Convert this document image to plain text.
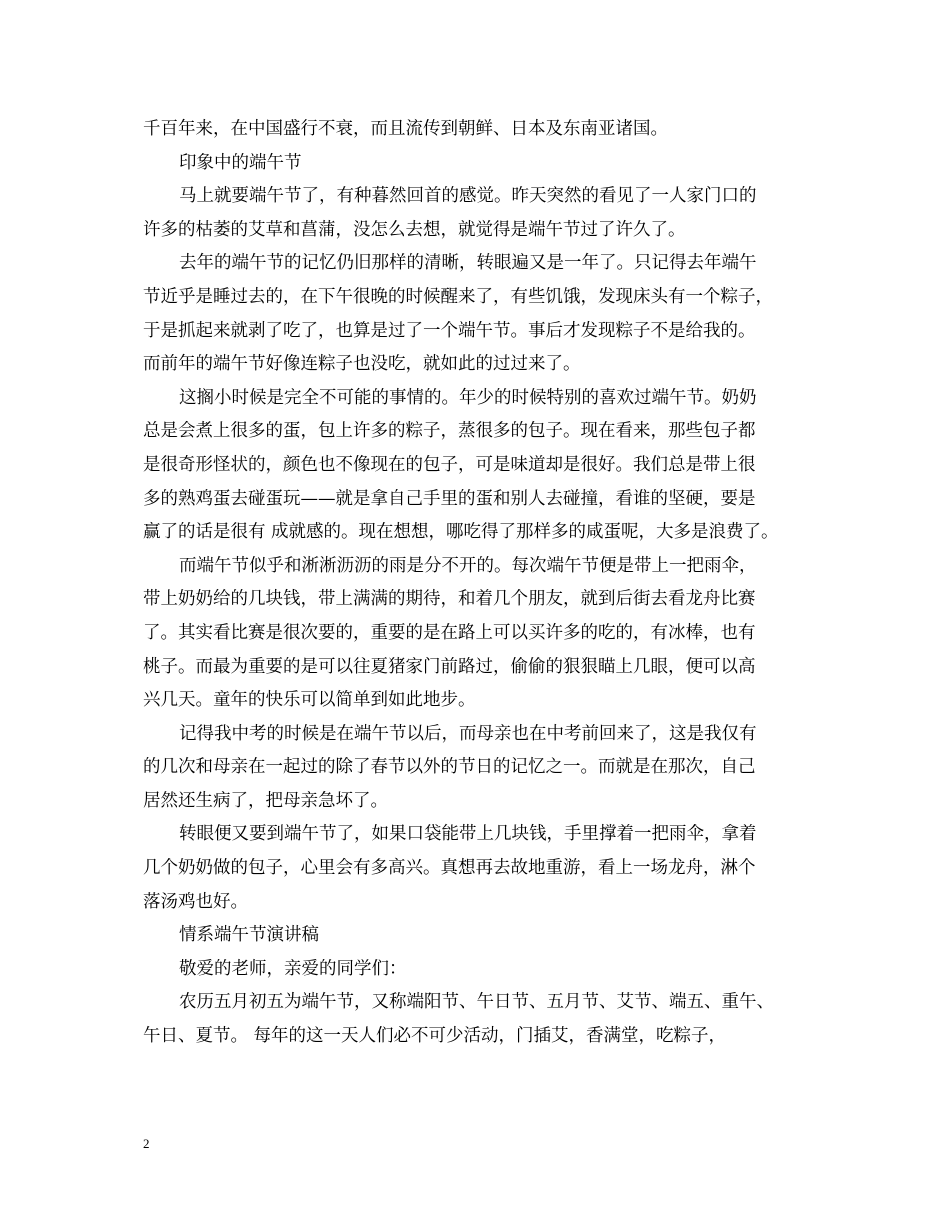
千百年来，在中国盛行不衰，而且流传到朝鲜、日本及东南亚诸国。
印象中的端午节
马上就要端午节了，有种暮然回首的感觉。昨天突然的看见了一人家门口的
许多的枯萎的艾草和菖蒲，没怎么去想，就觉得是端午节过了许久了。
去年的端午节的记忆仍旧那样的清晰，转眼遍又是一年了。只记得去年端午
节近乎是睡过去的，在下午很晚的时候醒来了，有些饥饿，发现床头有一个粽子，
于是抓起来就剥了吃了，也算是过了一个端午节。事后才发现粽子不是给我的。
而前年的端午节好像连粽子也没吃，就如此的过过来了。
这搁小时候是完全不可能的事情的。年少的时候特别的喜欢过端午节。奶奶
总是会煮上很多的蛋，包上许多的粽子，蒸很多的包子。现在看来，那些包子都
是很奇形怪状的，颜色也不像现在的包子，可是味道却是很好。我们总是带上很
多的熟鸡蛋去碰蛋玩——就是拿自己手里的蛋和别人去碰撞，看谁的坚硬，要是
赢了的话是很有 成就感的。现在想想，哪吃得了那样多的咸蛋呢，大多是浪费了。
而端午节似乎和淅淅沥沥的雨是分不开的。每次端午节便是带上一把雨伞，
带上奶奶给的几块钱，带上满满的期待，和着几个朋友，就到后街去看龙舟比赛
了。其实看比赛是很次要的，重要的是在路上可以买许多的吃的，有冰棒，也有
桃子。而最为重要的是可以往夏猪家门前路过，偷偷的狠狠瞄上几眼，便可以高
兴几天。童年的快乐可以简单到如此地步。
记得我中考的时候是在端午节以后，而母亲也在中考前回来了，这是我仅有
的几次和母亲在一起过的除了春节以外的节日的记忆之一。而就是在那次，自己
居然还生病了，把母亲急坏了。
转眼便又要到端午节了，如果口袋能带上几块钱，手里撑着一把雨伞，拿着
几个奶奶做的包子，心里会有多高兴。真想再去故地重游，看上一场龙舟，淋个
落汤鸡也好。
情系端午节演讲稿
敬爱的老师，亲爱的同学们：
农历五月初五为端午节，又称端阳节、午日节、五月节、艾节、端五、重午、
午日、夏节。 每年的这一天人们必不可少活动，门插艾，香满堂，吃粽子，
2
